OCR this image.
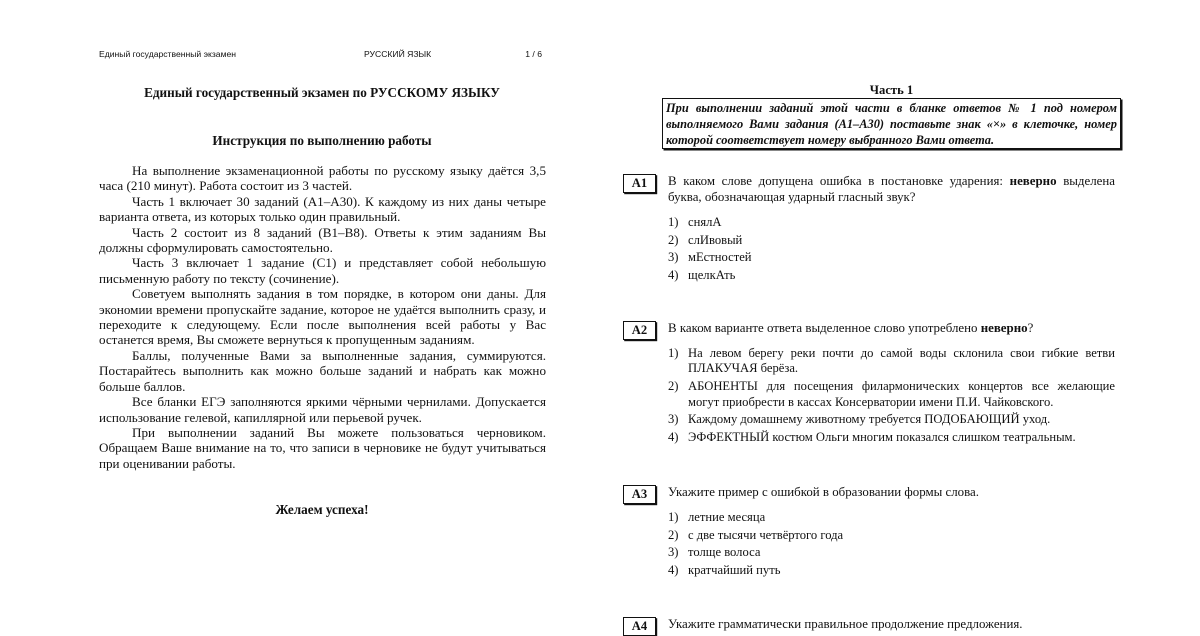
Единый государственный экзамен	РУССКИЙ ЯЗЫК	1 / 6
Единый государственный экзамен по РУССКОМУ ЯЗЫКУ
Инструкция по выполнению работы

На выполнение экзаменационной работы по русскому языку даётся 3,5 часа (210 минут). Работа состоит из 3 частей.

Часть 1 включает 30 заданий (А1–А30). К каждому из них даны четыре варианта ответа, из которых только один правильный.

Часть 2 состоит из 8 заданий (В1–В8). Ответы к этим заданиям Вы должны сформулировать самостоятельно.

Часть 3 включает 1 задание (С1) и представляет собой небольшую письменную работу по тексту (сочинение).

Советуем выполнять задания в том порядке, в котором они даны. Для экономии времени пропускайте задание, которое не удаётся выполнить сразу, и переходите к следующему. Если после выполнения всей работы у Вас останется время, Вы сможете вернуться к пропущенным заданиям.

Баллы, полученные Вами за выполненные задания, суммируются. Постарайтесь выполнить как можно больше заданий и набрать как можно больше баллов.

Все бланки ЕГЭ заполняются яркими чёрными чернилами. Допускается использование гелевой, капиллярной или перьевой ручек.

При выполнении заданий Вы можете пользоваться черновиком. Обращаем Ваше внимание на то, что записи в черновике не будут учитываться при оценивании работы.

Желаем успеха!
Часть 1
При выполнении заданий этой части в бланке ответов № 1 под номером выполняемого Вами задания (А1–А30) поставьте знак «×» в клеточке, номер которой соответствует номеру выбранного Вами ответа.
А1	В каком слове допущена ошибка в постановке ударения: неверно выделена буква, обозначающая ударный гласный звук?
1) снялА
2) слИвовый
3) мЕстностей
4) щелкАть
А2	В каком варианте ответа выделенное слово употреблено неверно?
1) На левом берегу реки почти до самой воды склонила свои гибкие ветви ПЛАКУЧАЯ берёза.
2) АБОНЕНТЫ для посещения филармонических концертов все желающие могут приобрести в кассах Консерватории имени П.И. Чайковского.
3) Каждому домашнему животному требуется ПОДОБАЮЩИЙ уход.
4) ЭФФЕКТНЫЙ костюм Ольги многим показался слишком театральным.
А3	Укажите пример с ошибкой в образовании формы слова.
1) летние месяца
2) с две тысячи четвёртого года
3) толще волоса
4) кратчайший путь
А4	Укажите грамматически правильное продолжение предложения.
